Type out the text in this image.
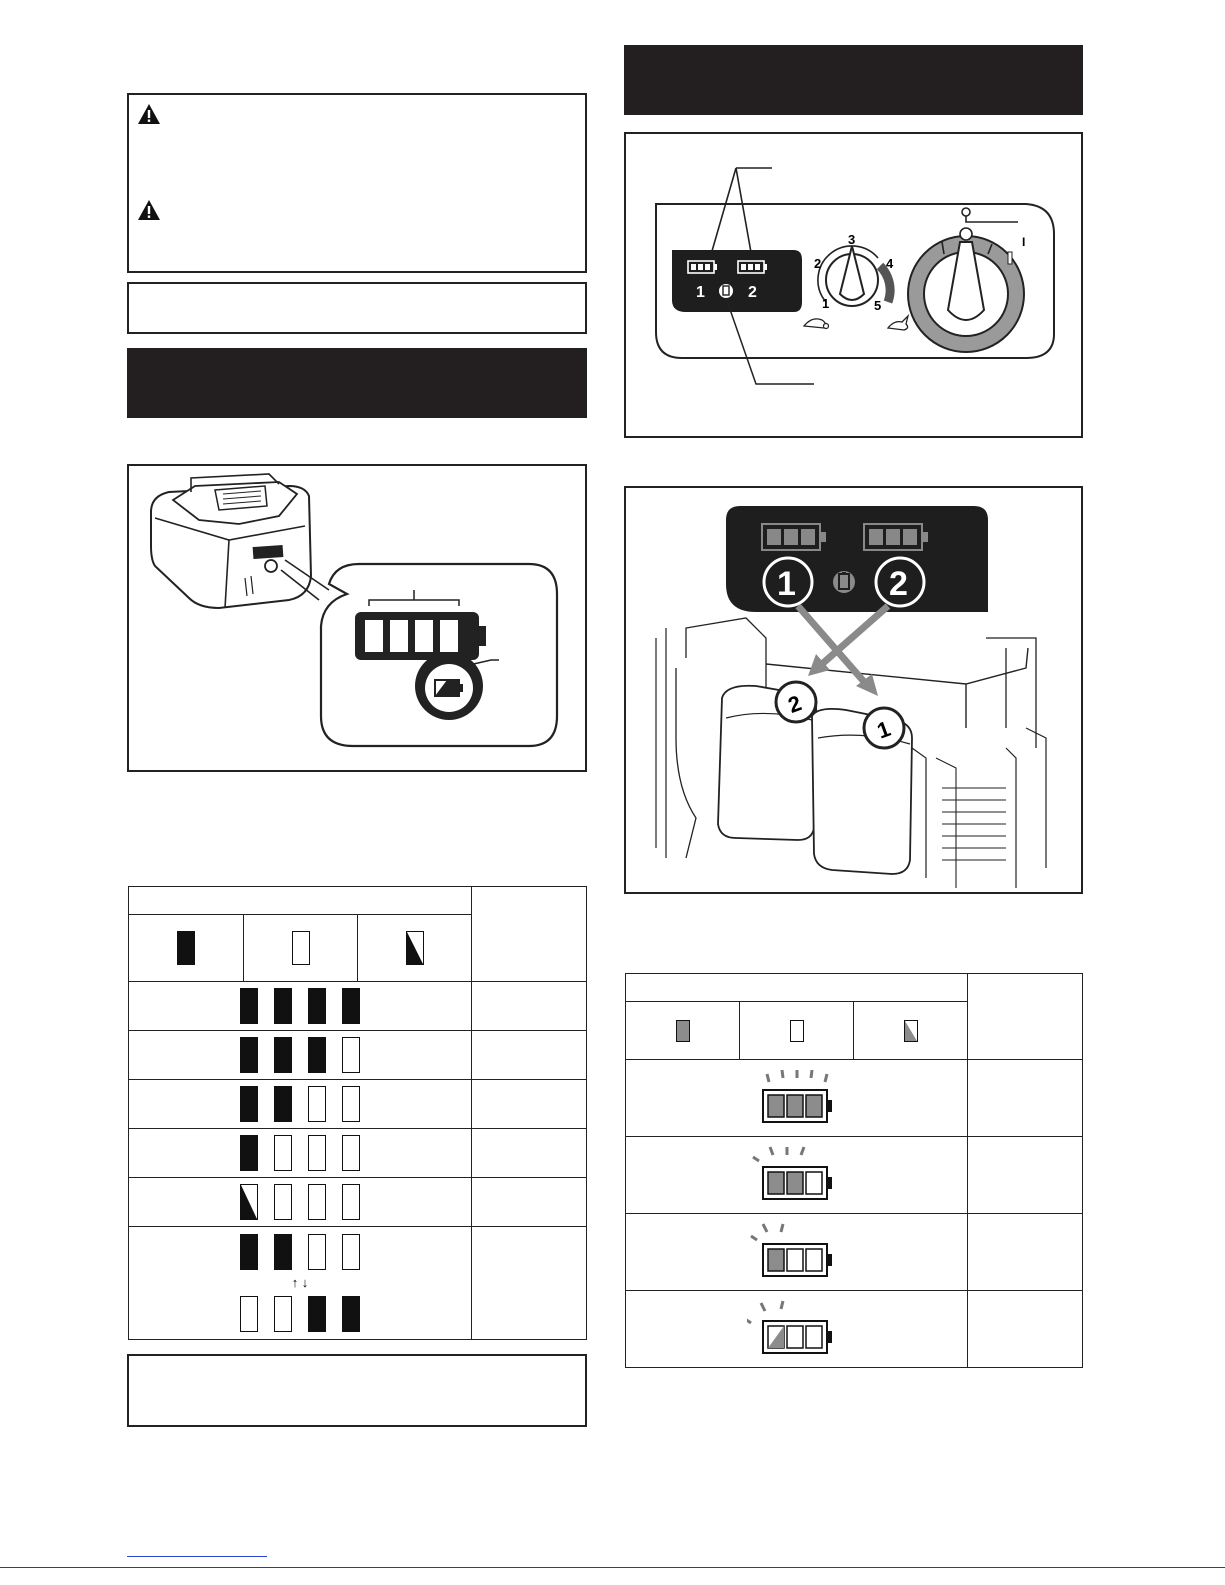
↑ ↓			

1	2
3
2
1
4
5
I
2
1
1	2
